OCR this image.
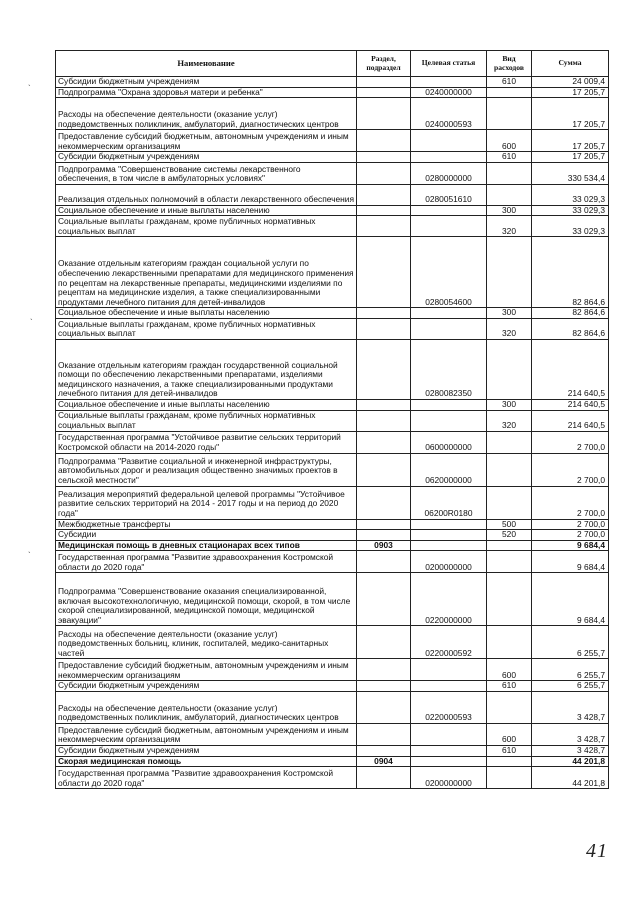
Наименование	Раздел, подраздел	Целевая статья	Вид расходов	Сумма
Субсидии бюджетным учреждениям			610	24 009,4
Подпрограмма "Охрана здоровья матери и ребенка"		0240000000		17 205,7
Расходы на обеспечение деятельности (оказание услуг) подведомственных поликлиник, амбулаторий, диагностических центров		0240000593		17 205,7
Предоставление субсидий бюджетным, автономным учреждениям и иным некоммерческим организациям			600	17 205,7
Субсидии бюджетным учреждениям			610	17 205,7
Подпрограмма "Совершенствование системы лекарственного обеспечения, в том числе в амбулаторных условиях"		0280000000		330 534,4
Реализация отдельных полномочий в области лекарственного обеспечения		0280051610		33 029,3
Социальное обеспечение и иные выплаты населению			300	33 029,3
Социальные выплаты гражданам, кроме публичных нормативных социальных выплат			320	33 029,3
Оказание отдельным категориям граждан социальной услуги по обеспечению лекарственными препаратами для медицинского применения по рецептам на лекарственные препараты, медицинскими изделиями по рецептам на медицинские изделия, а также специализированными продуктами лечебного питания для детей-инвалидов		0280054600		82 864,6
Социальное обеспечение и иные выплаты населению			300	82 864,6
Социальные выплаты гражданам, кроме публичных нормативных социальных выплат			320	82 864,6
Оказание отдельным категориям граждан государственной социальной помощи по обеспечению лекарственными препаратами, изделиями медицинского назначения, а также специализированными продуктами лечебного питания для детей-инвалидов		0280082350		214 640,5
Социальное обеспечение и иные выплаты населению			300	214 640,5
Социальные выплаты гражданам, кроме публичных нормативных социальных выплат			320	214 640,5
Государственная программа "Устойчивое развитие сельских территорий Костромской области на 2014-2020 годы"		0600000000		2 700,0
Подпрограмма "Развитие социальной и инженерной инфраструктуры, автомобильных дорог и реализация общественно значимых проектов в сельской местности"		0620000000		2 700,0
Реализация мероприятий федеральной целевой программы "Устойчивое развитие сельских территорий на 2014 - 2017 годы и на период до 2020 года"		06200R0180		2 700,0
Межбюджетные трансферты			500	2 700,0
Субсидии			520	2 700,0
Медицинская помощь в дневных стационарах всех типов	0903			9 684,4
Государственная программа "Развитие здравоохранения Костромской области до 2020 года"		0200000000		9 684,4
Подпрограмма "Совершенствование оказания специализированной, включая высокотехнологичную, медицинской помощи, скорой, в том числе скорой специализированной, медицинской помощи, медицинской эвакуации"		0220000000		9 684,4
Расходы на обеспечение деятельности (оказание услуг) подведомственных больниц, клиник, госпиталей, медико-санитарных частей		0220000592		6 255,7
Предоставление субсидий бюджетным, автономным учреждениям и иным некоммерческим организациям			600	6 255,7
Субсидии бюджетным учреждениям			610	6 255,7
Расходы на обеспечение деятельности (оказание услуг) подведомственных поликлиник, амбулаторий, диагностических центров		0220000593		3 428,7
Предоставление субсидий бюджетным, автономным учреждениям и иным некоммерческим организациям			600	3 428,7
Субсидии бюджетным учреждениям			610	3 428,7
Скорая медицинская помощь	0904			44 201,8
Государственная программа "Развитие здравоохранения Костромской области до 2020 года"		0200000000		44 201,8
`
`
`
41
